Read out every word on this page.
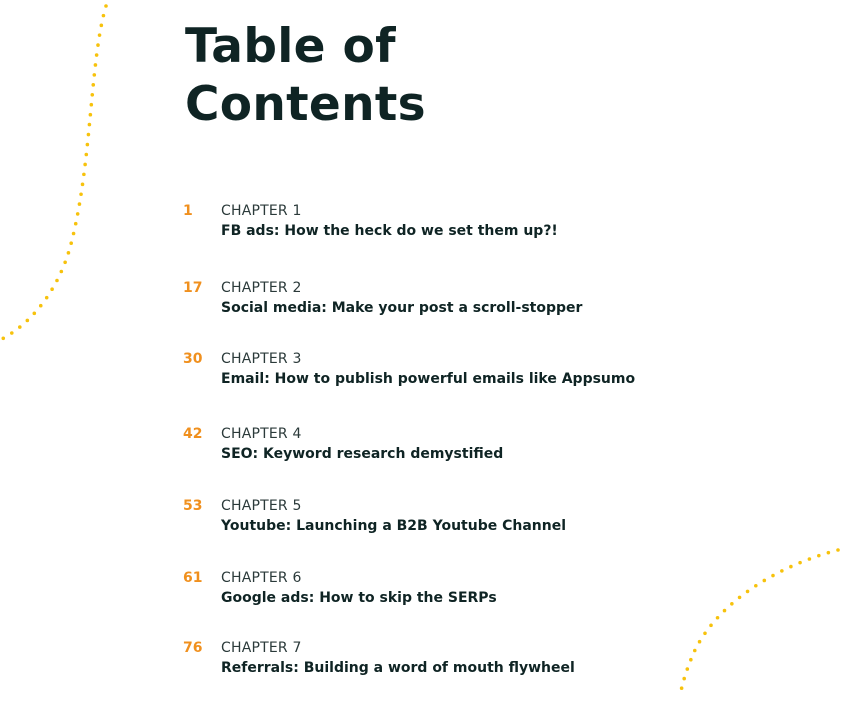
Table of
Contents
1 CHAPTER 1
FB ads: How the heck do we set them up?!
17 CHAPTER 2
Social media: Make your post a scroll-stopper
30 CHAPTER 3
Email: How to publish powerful emails like Appsumo
42 CHAPTER 4
SEO: Keyword research demystified
53 CHAPTER 5
Youtube: Launching a B2B Youtube Channel
61 CHAPTER 6
Google ads: How to skip the SERPs
76 CHAPTER 7
Referrals: Building a word of mouth flywheel
